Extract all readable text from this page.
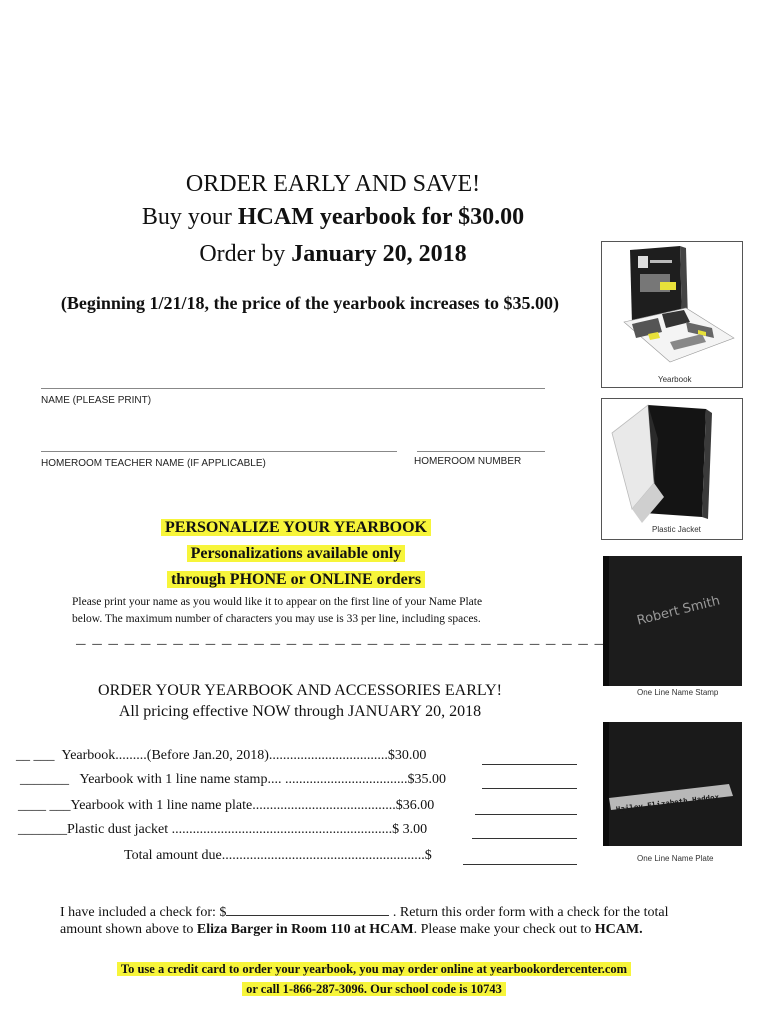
ORDER EARLY AND SAVE!
Buy your HCAM yearbook for $30.00
Order by January 20, 2018
(Beginning 1/21/18, the price of the yearbook increases to $35.00)
NAME (PLEASE PRINT)
HOMEROOM TEACHER NAME (IF APPLICABLE)	HOMEROOM NUMBER
PERSONALIZE YOUR YEARBOOK
Personalizations available only
through PHONE or ONLINE orders
Please print your name as you would like it to appear on the first line of your Name Plate
below. The maximum number of characters you may use is 33 per line, including spaces.
_ _ _ _ _ _ _ _ _ _ _ _ _ _ _ _ _ _ _ _ _ _ _ _ _ _ _ _ _ _ _ _ _
ORDER YOUR YEARBOOK AND ACCESSORIES EARLY!
All pricing effective NOW through JANUARY 20, 2018
__ ___ Yearbook.........(Before Jan.20, 2018)..................................$30.00
_______ Yearbook with 1 line name stamp.... ...................................$35.00
____ ___Yearbook with 1 line name plate.........................................$36.00
_______Plastic dust jacket ...............................................................$ 3.00
Total amount due..........................................................$
I have included a check for: $	. Return this order form with a check for the total
amount shown above to Eliza Barger in Room 110 at HCAM. Please make your check out to HCAM.
To use a credit card to order your yearbook, you may order online at yearbookordercenter.com
or call 1-866-287-3096. Our school code is 10743
Yearbook
Plastic Jacket
Robert Smith
One Line Name Stamp
Hailey Elizabeth Haddox
One Line Name Plate
